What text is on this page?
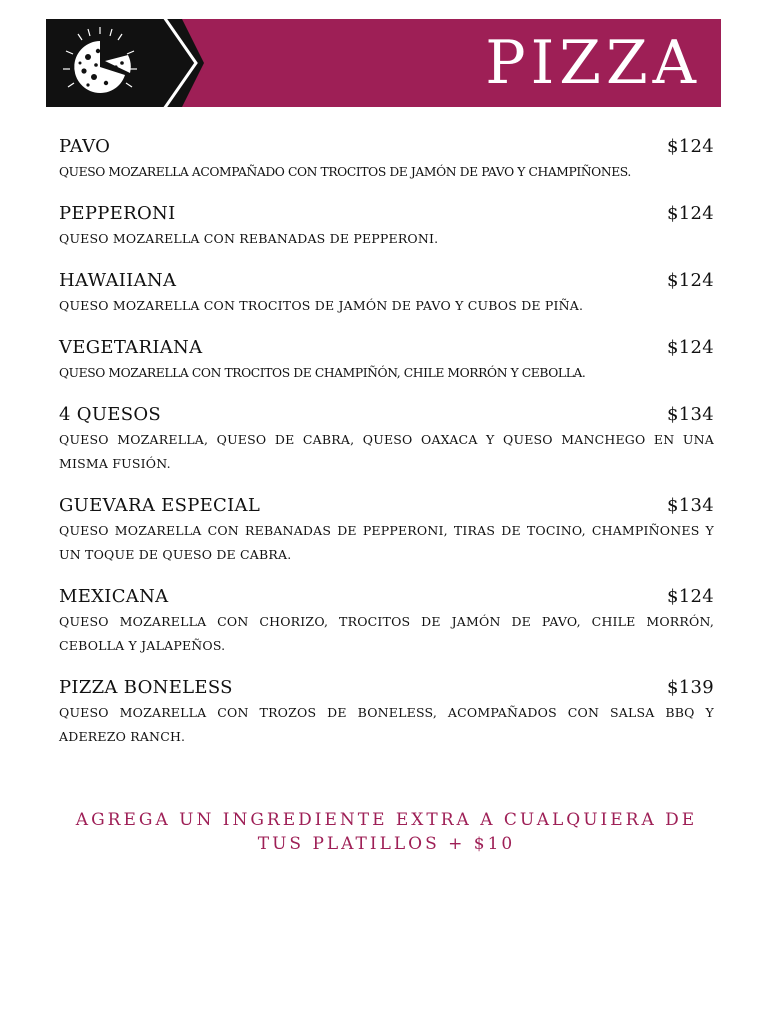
PIZZA
PAVO	$124
QUESO MOZARELLA ACOMPAÑADO CON TROCITOS DE JAMÓN DE PAVO Y CHAMPIÑONES.
PEPPERONI	$124
QUESO MOZARELLA CON REBANADAS DE PEPPERONI.
HAWAIIANA	$124
QUESO MOZARELLA CON TROCITOS DE JAMÓN DE PAVO Y CUBOS DE PIÑA.
VEGETARIANA	$124
QUESO MOZARELLA CON TROCITOS DE CHAMPIÑÓN, CHILE MORRÓN Y CEBOLLA.
4 QUESOS	$134
QUESO MOZARELLA, QUESO DE CABRA, QUESO OAXACA Y QUESO MANCHEGO EN UNA MISMA FUSIÓN.
GUEVARA ESPECIAL	$134
QUESO MOZARELLA CON REBANADAS DE PEPPERONI, TIRAS DE TOCINO, CHAMPIÑONES Y UN TOQUE DE QUESO DE CABRA.
MEXICANA	$124
QUESO MOZARELLA CON CHORIZO, TROCITOS DE JAMÓN DE PAVO, CHILE MORRÓN, CEBOLLA Y JALAPEÑOS.
PIZZA BONELESS	$139
QUESO MOZARELLA CON TROZOS DE BONELESS, ACOMPAÑADOS CON SALSA BBQ Y ADEREZO RANCH.
AGREGA UN INGREDIENTE EXTRA A CUALQUIERA DE TUS PLATILLOS + $10
